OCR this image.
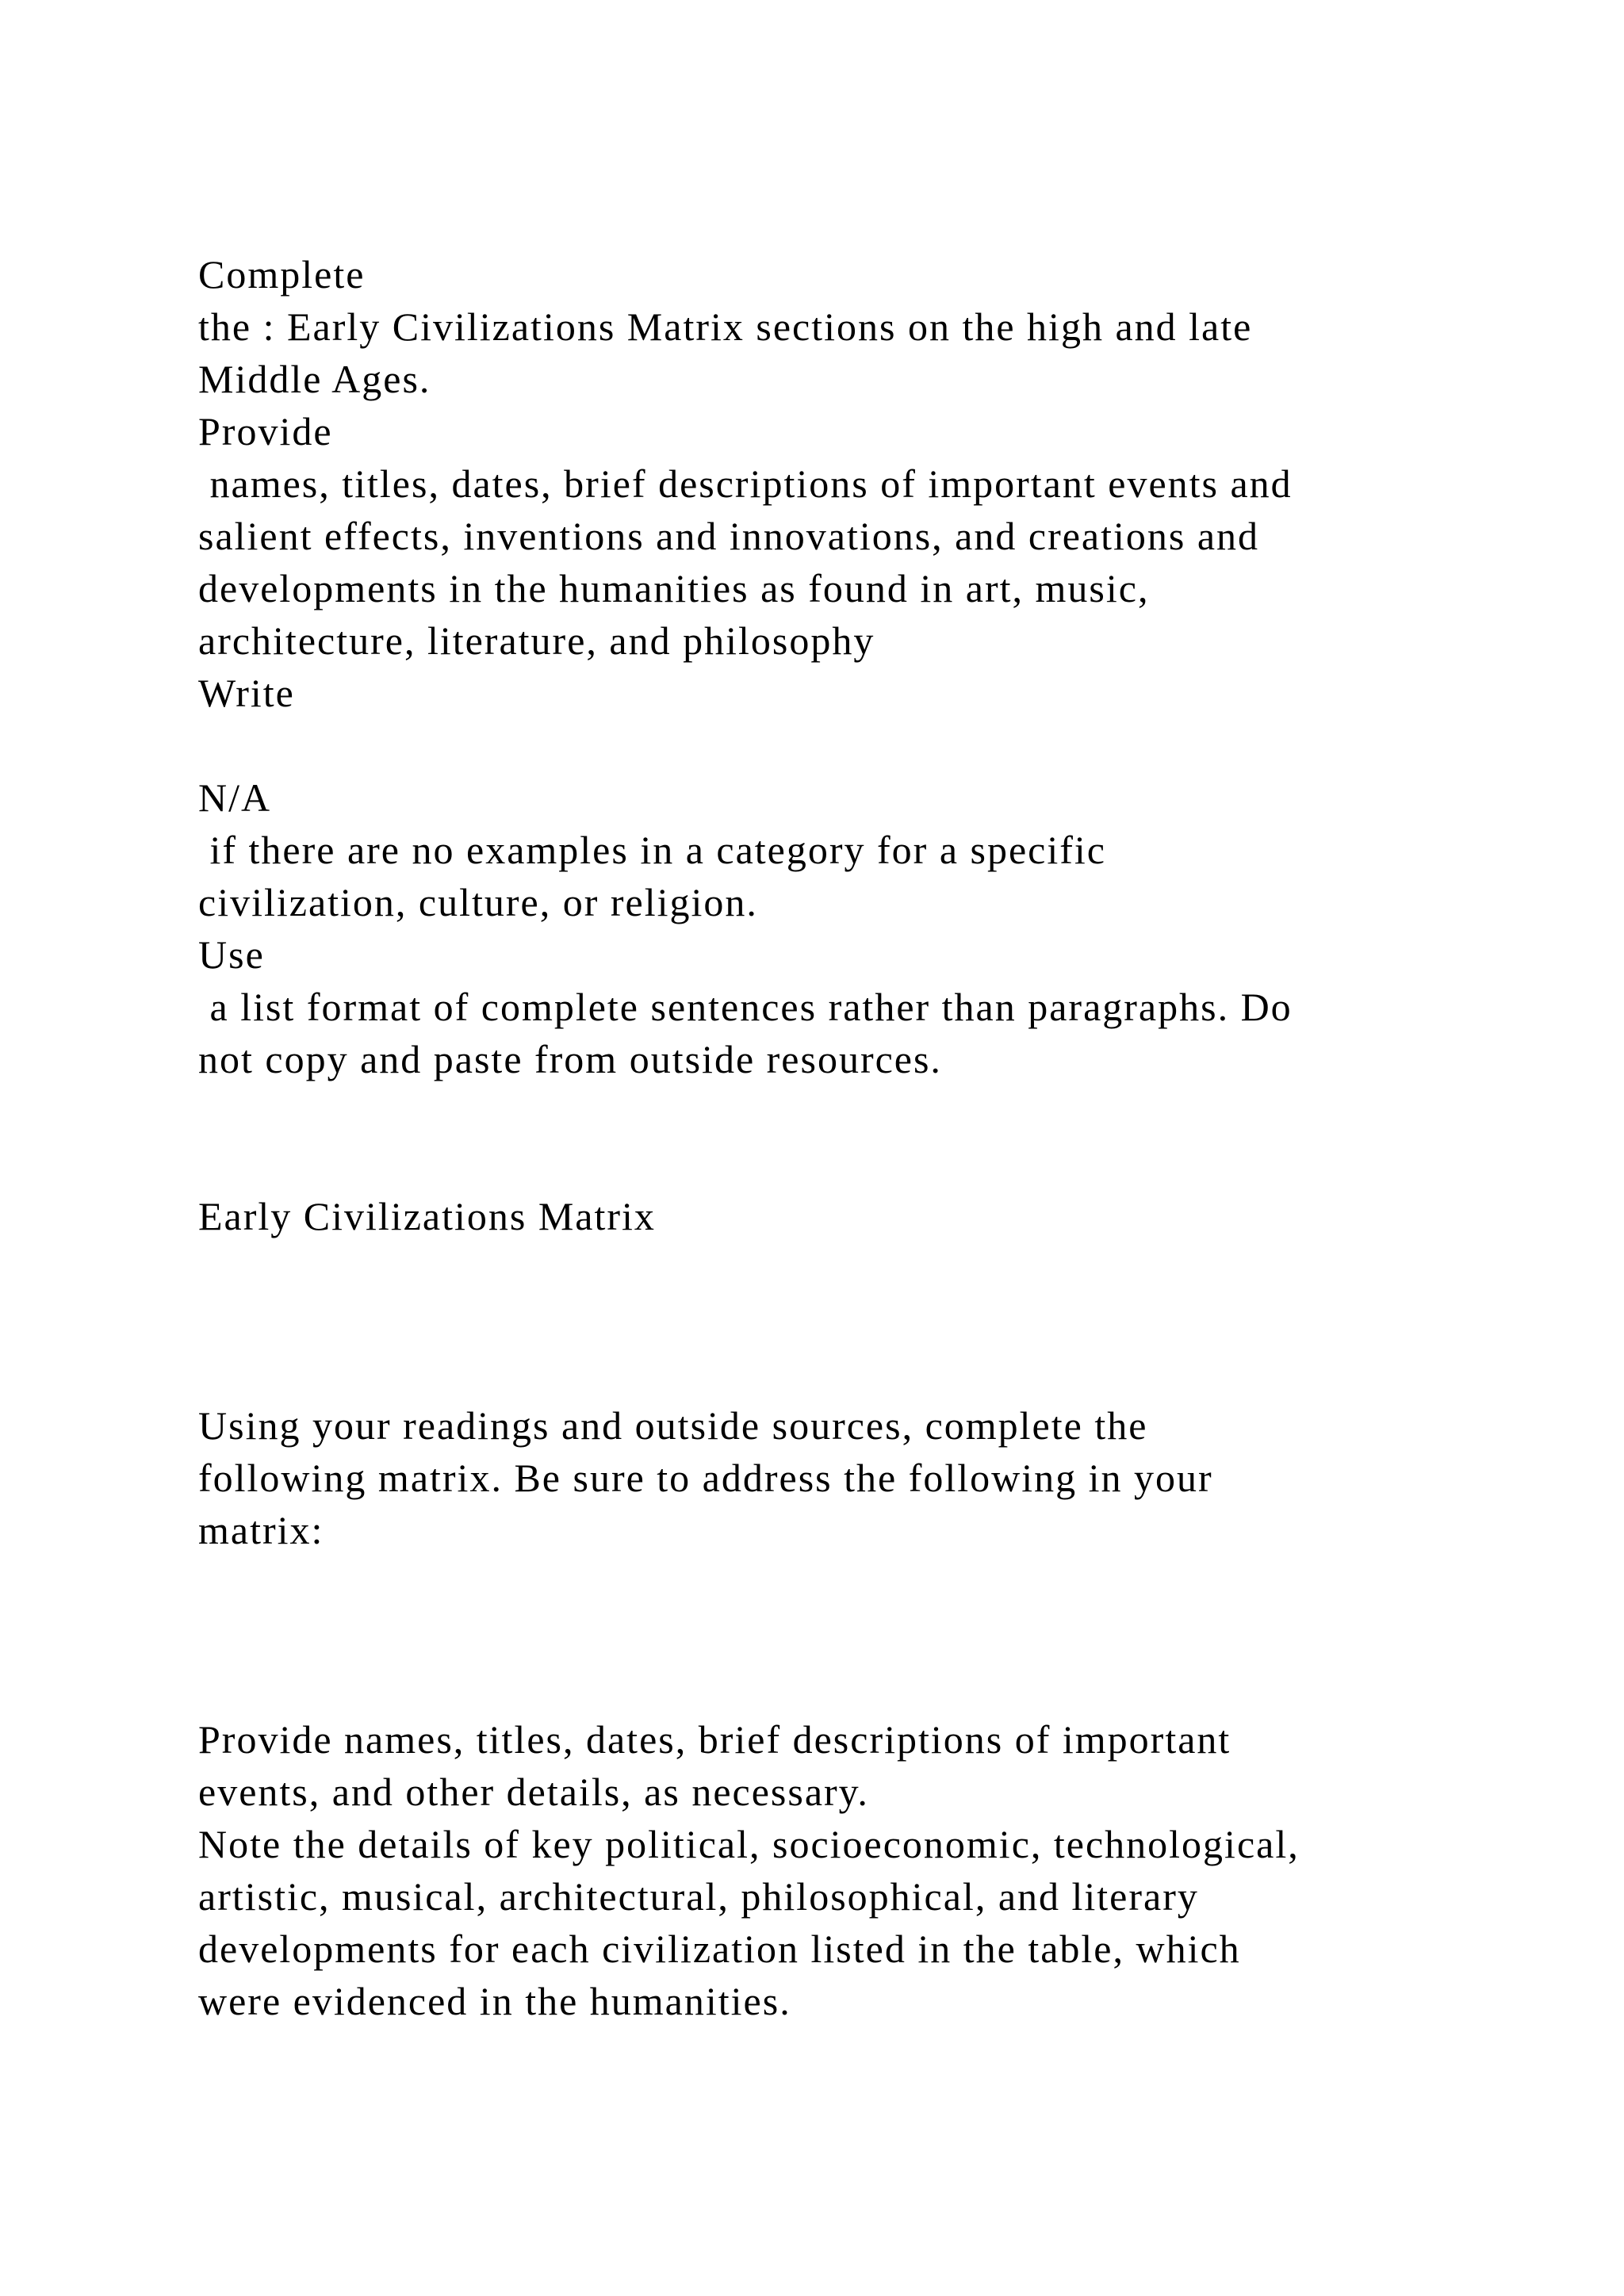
Complete

the : Early Civilizations Matrix sections on the high and late

Middle Ages.

Provide

names, titles, dates, brief descriptions of important events and

salient effects, inventions and innovations, and creations and

developments in the humanities as found in art, music,

architecture, literature, and philosophy

Write

N/A

if there are no examples in a category for a specific

civilization, culture, or religion.

Use

a list format of complete sentences rather than paragraphs. Do

not copy and paste from outside resources.

Early Civilizations Matrix

Using your readings and outside sources, complete the

following matrix. Be sure to address the following in your

matrix:

Provide names, titles, dates, brief descriptions of important

events, and other details, as necessary.

Note the details of key political, socioeconomic, technological,

artistic, musical, architectural, philosophical, and literary

developments for each civilization listed in the table, which

were evidenced in the humanities.
